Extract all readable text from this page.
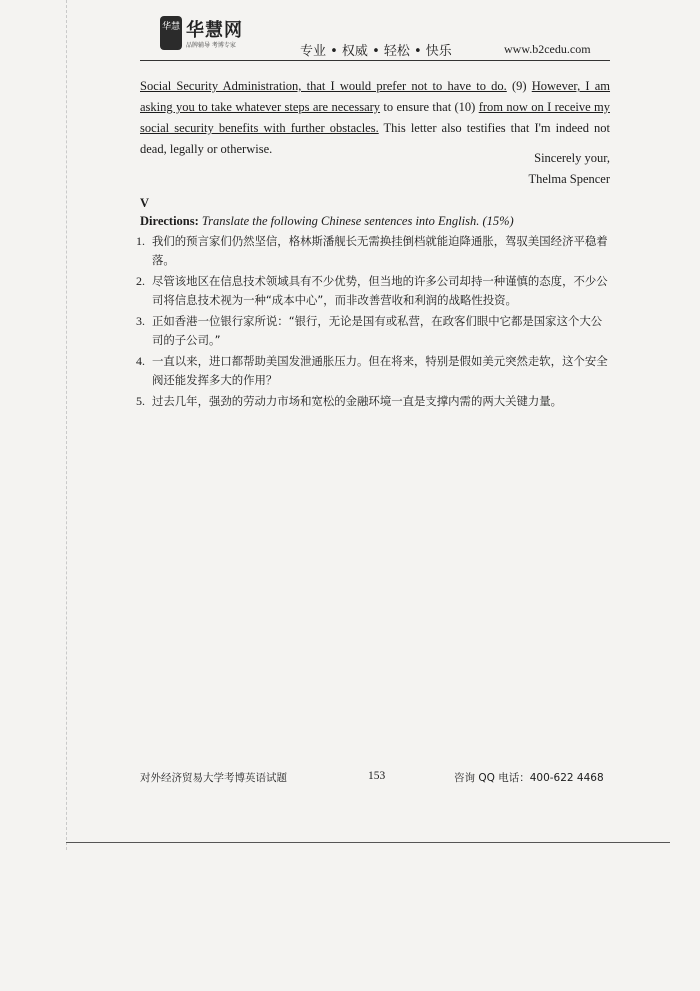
华慧 华慧网
品牌辅导 考博专家	专业 • 权威 • 轻松 • 快乐	www.b2cedu.com

Social Security Administration, that I would prefer not to have to do. (9) However, I am asking you to take whatever steps are necessary to ensure that (10) from now on I receive my social security benefits with further obstacles. This letter also testifies that I'm indeed not dead, legally or otherwise.

Sincerely your,
Thelma Spencer
V
Directions: Translate the following Chinese sentences into English. (15%)
1. 我们的预言家们仍然坚信，格林斯潘舰长无需换挂倒档就能迫降通胀，驾驭美国经济平稳着落。
2. 尽管该地区在信息技术领域具有不少优势，但当地的许多公司却持一种谨慎的态度，不少公司将信息技术视为一种“成本中心”，而非改善营收和利润的战略性投资。
3. 正如香港一位银行家所说：“银行，无论是国有或私营，在政客们眼中它都是国家这个大公司的子公司。”
4. 一直以来，进口都帮助美国发泄通胀压力。但在将来，特别是假如美元突然走软，这个安全阀还能发挥多大的作用？
5. 过去几年，强劲的劳动力市场和宽松的金融环境一直是支撑内需的两大关键力量。
对外经济贸易大学考博英语试题	153	咨询 QQ 电话：400-622 4468
